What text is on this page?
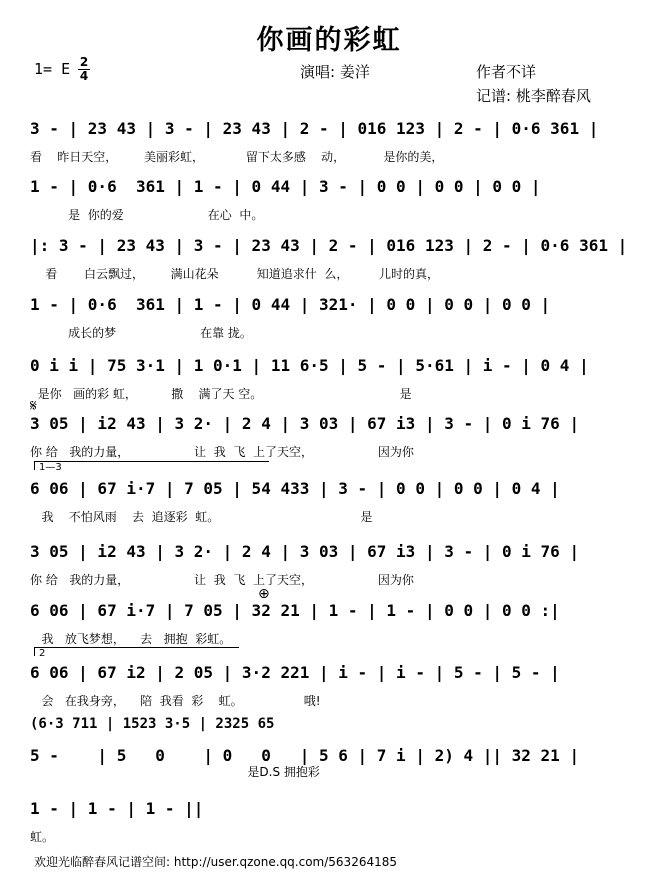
你画的彩虹
1= E 2
4	演唱: 姜洋	作者不详
记谱: 桃李醉春风
3 - | 23 43 | 3 - | 23 43 | 2 - | 016 123 | 2 - | 0·6 361 |
看    昨日天空，       美丽彩虹，           留下太多感    动，          是你的美，
1 - | 0·6  361 | 1 - | 0 44 | 3 - | 0 0 | 0 0 | 0 0 |
是  你的爱                      在心  中。
|: 3 - | 23 43 | 3 - | 23 43 | 2 - | 016 123 | 2 - | 0·6 361 |
看       白云飘过，       满山花朵          知道追求什  么，        儿时的真，
1 - | 0·6  361 | 1 - | 0 44 | 321· | 0 0 | 0 0 | 0 0 |
成长的梦                      在靠 拢。
0 i i | 75 3·1 | 1 0·1 | 11 6·5 | 5 - | 5·61 | i - | 0 4 |
是你   画的彩 虹，         撒    满了天 空。                                    是
𝄋
3 05 | i2 43 | 3 2· | 2 4 | 3 03 | 67 i3 | 3 - | 0 i 76 |
你 给   我的力量，                 让  我  飞  上了天空，                 因为你
1—3
6 06 | 67 i·7 | 7 05 | 54 433 | 3 - | 0 0 | 0 0 | 0 4 |
我    不怕风雨    去  追逐彩  虹。                                     是
3 05 | i2 43 | 3 2· | 2 4 | 3 03 | 67 i3 | 3 - | 0 i 76 |
你 给   我的力量，                 让  我  飞  上了天空，                 因为你
⊕
6 06 | 67 i·7 | 7 05 | 32 21 | 1 - | 1 - | 0 0 | 0 0 :|
我   放飞梦想，    去   拥抱  彩虹。
2
6 06 | 67 i2 | 2 05 | 3·2 221 | i - | i - | 5 - | 5 - |
会   在我身旁，    陪  我看  彩    虹。                哦!
(6·3 711 | 1523 3·5 | 2325 65
5 -    | 5   0    | 0   0   | 5 6 | 7 i | 2) 4 || 32 21 |
是D.S 拥抱彩
1 - | 1 - | 1 - ||
虹。
欢迎光临醉春风记谱空间: http://user.qzone.qq.com/563264185
